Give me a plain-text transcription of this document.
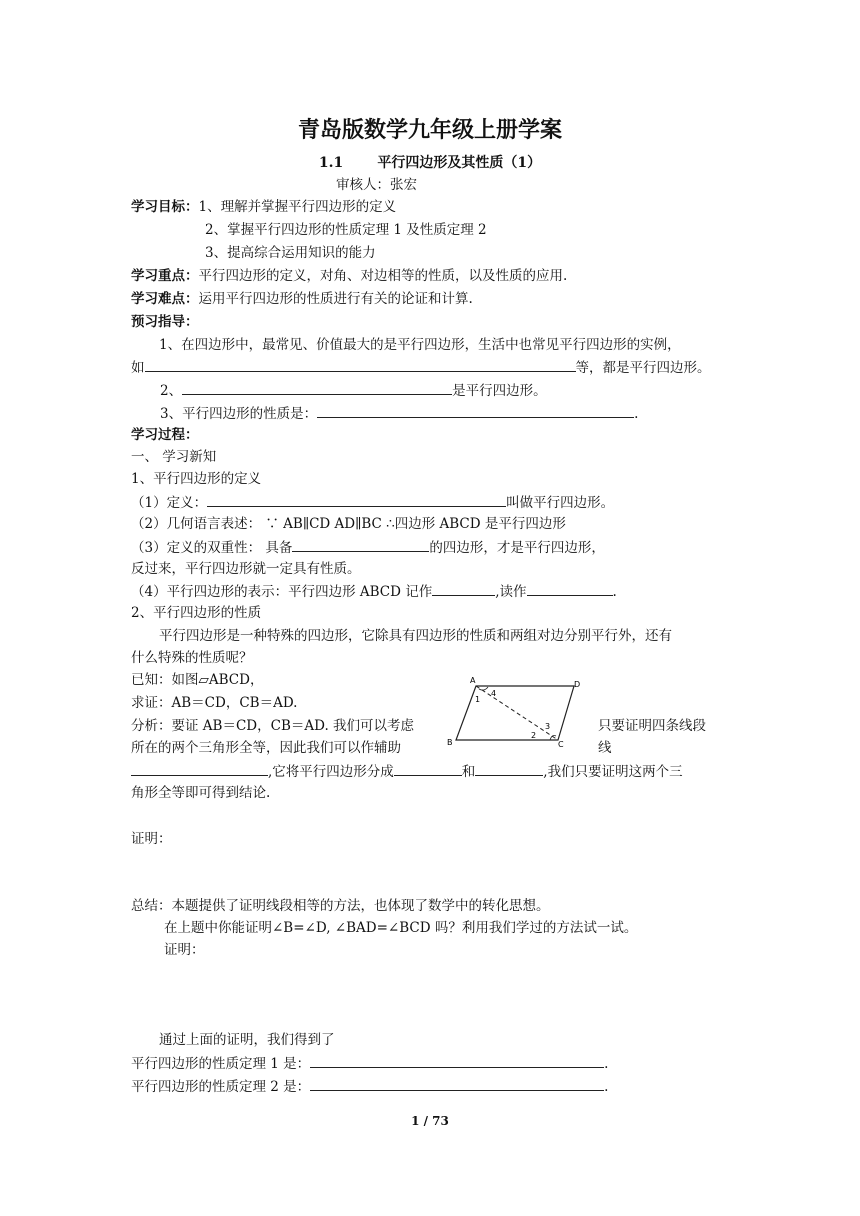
青岛版数学九年级上册学案
1.1 平行四边形及其性质（1）
审核人：张宏
学习目标：1、理解并掌握平行四边形的定义
2、掌握平行四边形的性质定理 1 及性质定理 2
3、提高综合运用知识的能力
学习重点：平行四边形的定义，对角、对边相等的性质，以及性质的应用.
学习难点：运用平行四边形的性质进行有关的论证和计算.
预习指导：
1、在四边形中，最常见、价值最大的是平行四边形，生活中也常见平行四边形的实例，
如	等，都是平行四边形。
2、	是平行四边形。
3、平行四边形的性质是：	.
学习过程：
一、 学习新知
1、平行四边形的定义
（1）定义：	叫做平行四边形。
（2）几何语言表述： ∵ AB∥CD AD∥BC ∴四边形 ABCD 是平行四边形
（3）定义的双重性： 具备	的四边形，才是平行四边形，
反过来，平行四边形就一定具有性质。
（4）平行四边形的表示：平行四边形 ABCD 记作	,读作	.
2、平行四边形的性质
平行四边形是一种特殊的四边形，它除具有四边形的性质和两组对边分别平行外，还有
什么特殊的性质呢？
已知：如图▱ABCD，
求证：AB＝CD，CB＝AD.
分析：要证 AB＝CD，CB＝AD. 我们可以考虑	只要证明四条线段
所在的两个三角形全等，因此我们可以作辅助	线
,它将平行四边形分成	和	,我们只要证明这两个三
角形全等即可得到结论.
证明：
总结：本题提供了证明线段相等的方法，也体现了数学中的转化思想。
在上题中你能证明∠B=∠D, ∠BAD=∠BCD 吗？利用我们学过的方法试一试。
证明：
通过上面的证明，我们得到了
平行四边形的性质定理 1 是：	.
平行四边形的性质定理 2 是：	.
A	D
B	C
1
4
2
3
1 / 73
